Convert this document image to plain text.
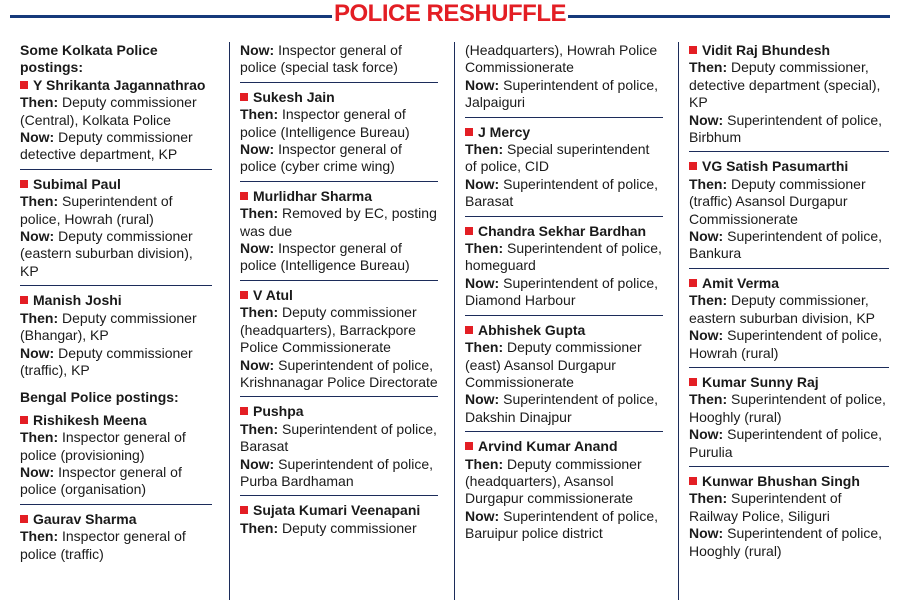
POLICE RESHUFFLE
Some Kolkata Police postings:
Y Shrikanta Jagannathrao
Then: Deputy commissioner (Central), Kolkata Police
Now: Deputy commissioner detective department, KP
Subimal Paul
Then: Superintendent of police, Howrah (rural)
Now: Deputy commissioner (eastern suburban division), KP
Manish Joshi
Then: Deputy commissioner (Bhangar), KP
Now: Deputy commissioner (traffic), KP
Bengal Police postings:
Rishikesh Meena
Then: Inspector general of police (provisioning)
Now: Inspector general of police (organisation)
Gaurav Sharma
Then: Inspector general of police (traffic)
Now: Inspector general of police (special task force)
Sukesh Jain
Then: Inspector general of police (Intelligence Bureau)
Now: Inspector general of police (cyber crime wing)
Murlidhar Sharma
Then: Removed by EC, posting was due
Now: Inspector general of police (Intelligence Bureau)
V Atul
Then: Deputy commissioner (headquarters), Barrackpore Police Commissionerate
Now: Superintendent of police, Krishnanagar Police Directorate
Pushpa
Then: Superintendent of police, Barasat
Now: Superintendent of police, Purba Bardhaman
Sujata Kumari Veenapani
Then: Deputy commissioner
(Headquarters), Howrah Police Commissionerate
Now: Superintendent of police, Jalpaiguri
J Mercy
Then: Special superintendent of police, CID
Now: Superintendent of police, Barasat
Chandra Sekhar Bardhan
Then: Superintendent of police, homeguard
Now: Superintendent of police, Diamond Harbour
Abhishek Gupta
Then: Deputy commissioner (east) Asansol Durgapur Commissionerate
Now: Superintendent of police, Dakshin Dinajpur
Arvind Kumar Anand
Then: Deputy commissioner (headquarters), Asansol Durgapur commissionerate
Now: Superintendent of police, Baruipur police district
Vidit Raj Bhundesh
Then: Deputy commissioner, detective department (special), KP
Now: Superintendent of police, Birbhum
VG Satish Pasumarthi
Then: Deputy commissioner (traffic) Asansol Durgapur Commissionerate
Now: Superintendent of police, Bankura
Amit Verma
Then: Deputy commissioner, eastern suburban division, KP
Now: Superintendent of police, Howrah (rural)
Kumar Sunny Raj
Then: Superintendent of police, Hooghly (rural)
Now: Superintendent of police, Purulia
Kunwar Bhushan Singh
Then: Superintendent of Railway Police, Siliguri
Now: Superintendent of police, Hooghly (rural)
